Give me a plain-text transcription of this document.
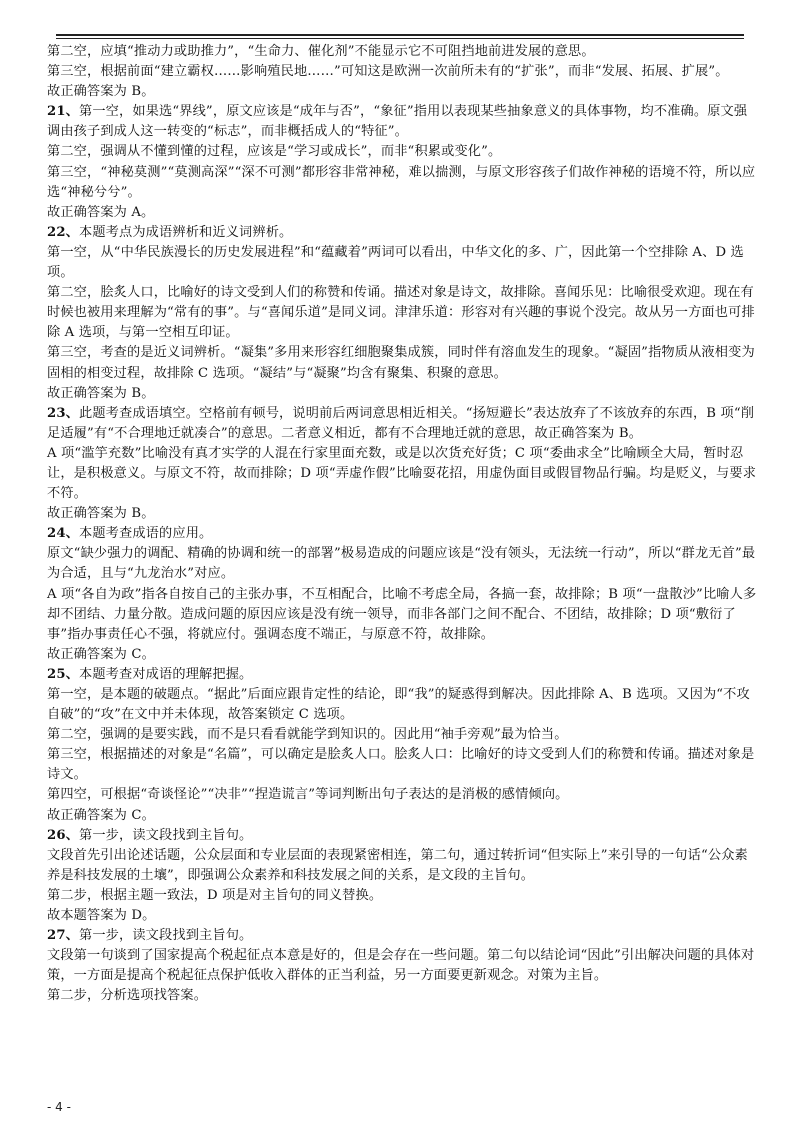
第二空，应填“推动力或助推力”，“生命力、催化剂”不能显示它不可阻挡地前进发展的意思。

第三空，根据前面“建立霸权……影响殖民地……”可知这是欧洲一次前所未有的“扩张”，而非“发展、拓展、扩展”。

故正确答案为 B。

21、第一空，如果选“界线”，原文应该是“成年与否”，“象征”指用以表现某些抽象意义的具体事物，均不准确。原文强调由孩子到成人这一转变的“标志”，而非概括成人的“特征”。

第二空，强调从不懂到懂的过程，应该是“学习或成长”，而非“积累或变化”。

第三空，“神秘莫测”“莫测高深”“深不可测”都形容非常神秘，难以揣测，与原文形容孩子们故作神秘的语境不符，所以应选“神秘兮兮”。

故正确答案为 A。

22、本题考点为成语辨析和近义词辨析。

第一空，从“中华民族漫长的历史发展进程”和“蕴藏着”两词可以看出，中华文化的多、广，因此第一个空排除 A、D 选项。

第二空，脍炙人口，比喻好的诗文受到人们的称赞和传诵。描述对象是诗文，故排除。喜闻乐见：比喻很受欢迎。现在有时候也被用来理解为“常有的事”。与“喜闻乐道”是同义词。津津乐道：形容对有兴趣的事说个没完。故从另一方面也可排除 A 选项，与第一空相互印证。

第三空，考查的是近义词辨析。“凝集”多用来形容红细胞聚集成簇，同时伴有溶血发生的现象。“凝固”指物质从液相变为固相的相变过程，故排除 C 选项。“凝结”与“凝聚”均含有聚集、积聚的意思。

故正确答案为 B。

23、此题考查成语填空。空格前有顿号，说明前后两词意思相近相关。“扬短避长”表达放弃了不该放弃的东西，B 项“削足适履”有“不合理地迁就凑合”的意思。二者意义相近，都有不合理地迁就的意思，故正确答案为 B。

A 项“滥竽充数”比喻没有真才实学的人混在行家里面充数，或是以次货充好货；C 项“委曲求全”比喻顾全大局，暂时忍让，是积极意义。与原文不符，故而排除；D 项“弄虚作假”比喻耍花招，用虚伪面目或假冒物品行骗。均是贬义，与要求不符。

故正确答案为 B。

24、本题考查成语的应用。

原文“缺少强力的调配、精确的协调和统一的部署”极易造成的问题应该是“没有领头，无法统一行动”，所以“群龙无首”最为合适，且与“九龙治水”对应。

A 项“各自为政”指各自按自己的主张办事，不互相配合，比喻不考虑全局，各搞一套，故排除；B 项“一盘散沙”比喻人多却不团结、力量分散。造成问题的原因应该是没有统一领导，而非各部门之间不配合、不团结，故排除；D 项“敷衍了事”指办事责任心不强，将就应付。强调态度不端正，与原意不符，故排除。

故正确答案为 C。

25、本题考查对成语的理解把握。

第一空，是本题的破题点。“据此”后面应跟肯定性的结论，即“我”的疑惑得到解决。因此排除 A、B 选项。又因为“不攻自破”的“攻”在文中并未体现，故答案锁定 C 选项。

第二空，强调的是要实践，而不是只看看就能学到知识的。因此用“袖手旁观”最为恰当。

第三空，根据描述的对象是“名篇”，可以确定是脍炙人口。脍炙人口：比喻好的诗文受到人们的称赞和传诵。描述对象是诗文。

第四空，可根据“奇谈怪论”“决非”“捏造谎言”等词判断出句子表达的是消极的感情倾向。

故正确答案为 C。

26、第一步，读文段找到主旨句。

文段首先引出论述话题，公众层面和专业层面的表现紧密相连，第二句，通过转折词“但实际上”来引导的一句话“公众素养是科技发展的土壤”，即强调公众素养和科技发展之间的关系，是文段的主旨句。

第二步，根据主题一致法，D 项是对主旨句的同义替换。

故本题答案为 D。

27、第一步，读文段找到主旨句。

文段第一句谈到了国家提高个税起征点本意是好的，但是会存在一些问题。第二句以结论词“因此”引出解决问题的具体对策，一方面是提高个税起征点保护低收入群体的正当利益，另一方面要更新观念。对策为主旨。

第二步，分析选项找答案。

- 4 -
